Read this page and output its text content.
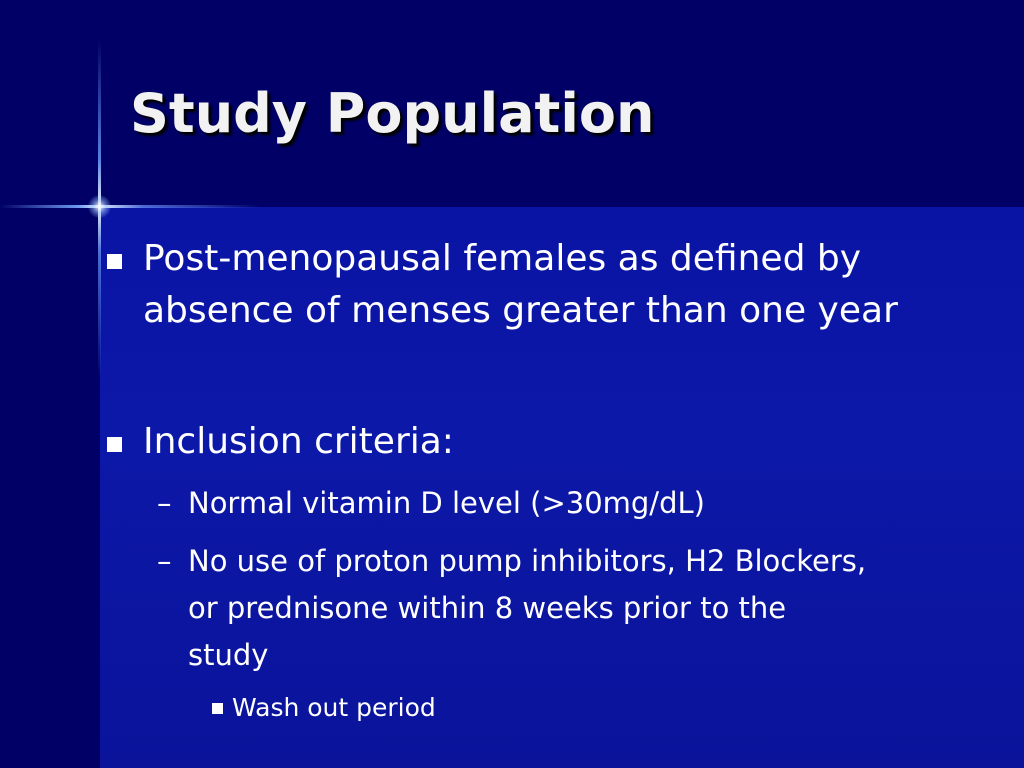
Study Population
Post-menopausal females as defined by
absence of menses greater than one year
Inclusion criteria:
– Normal vitamin D level (>30mg/dL)
– No use of proton pump inhibitors, H2 Blockers,
or prednisone within 8 weeks prior to the
study
Wash out period
